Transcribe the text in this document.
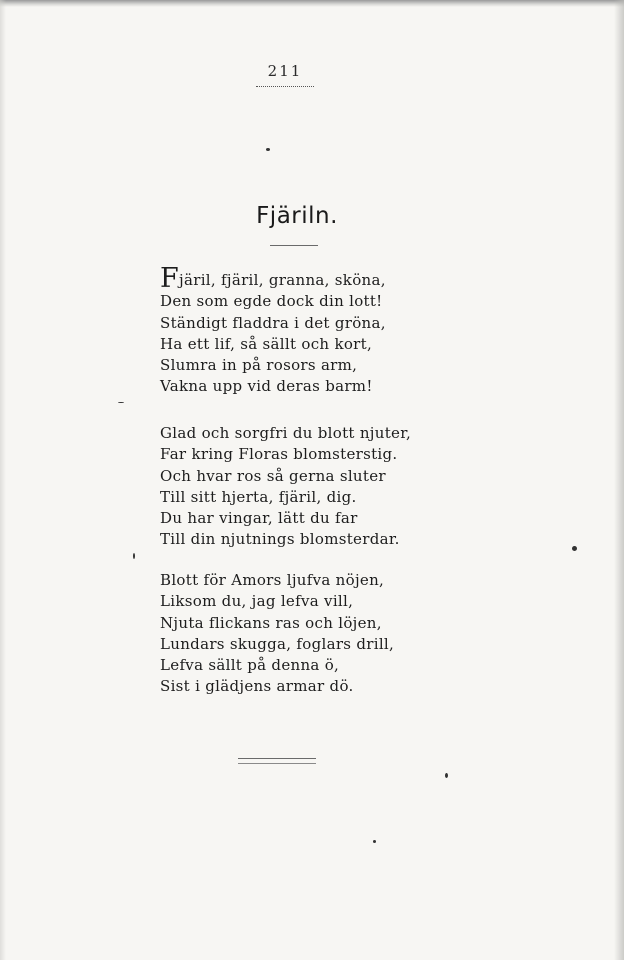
211
Fjäriln.
Fjäril, fjäril, granna, sköna,
Den som egde dock din lott!
Ständigt fladdra i det gröna,
Ha ett lif, så sällt och kort,
Slumra in på rosors arm,
Vakna upp vid deras barm!
Glad och sorgfri du blott njuter,
Far kring Floras blomsterstig.
Och hvar ros så gerna sluter
Till sitt hjerta, fjäril, dig.
Du har vingar, lätt du far
Till din njutnings blomsterdar.
Blott för Amors ljufva nöjen,
Liksom du, jag lefva vill,
Njuta flickans ras och löjen,
Lundars skugga, foglars drill,
Lefva sällt på denna ö,
Sist i glädjens armar dö.
